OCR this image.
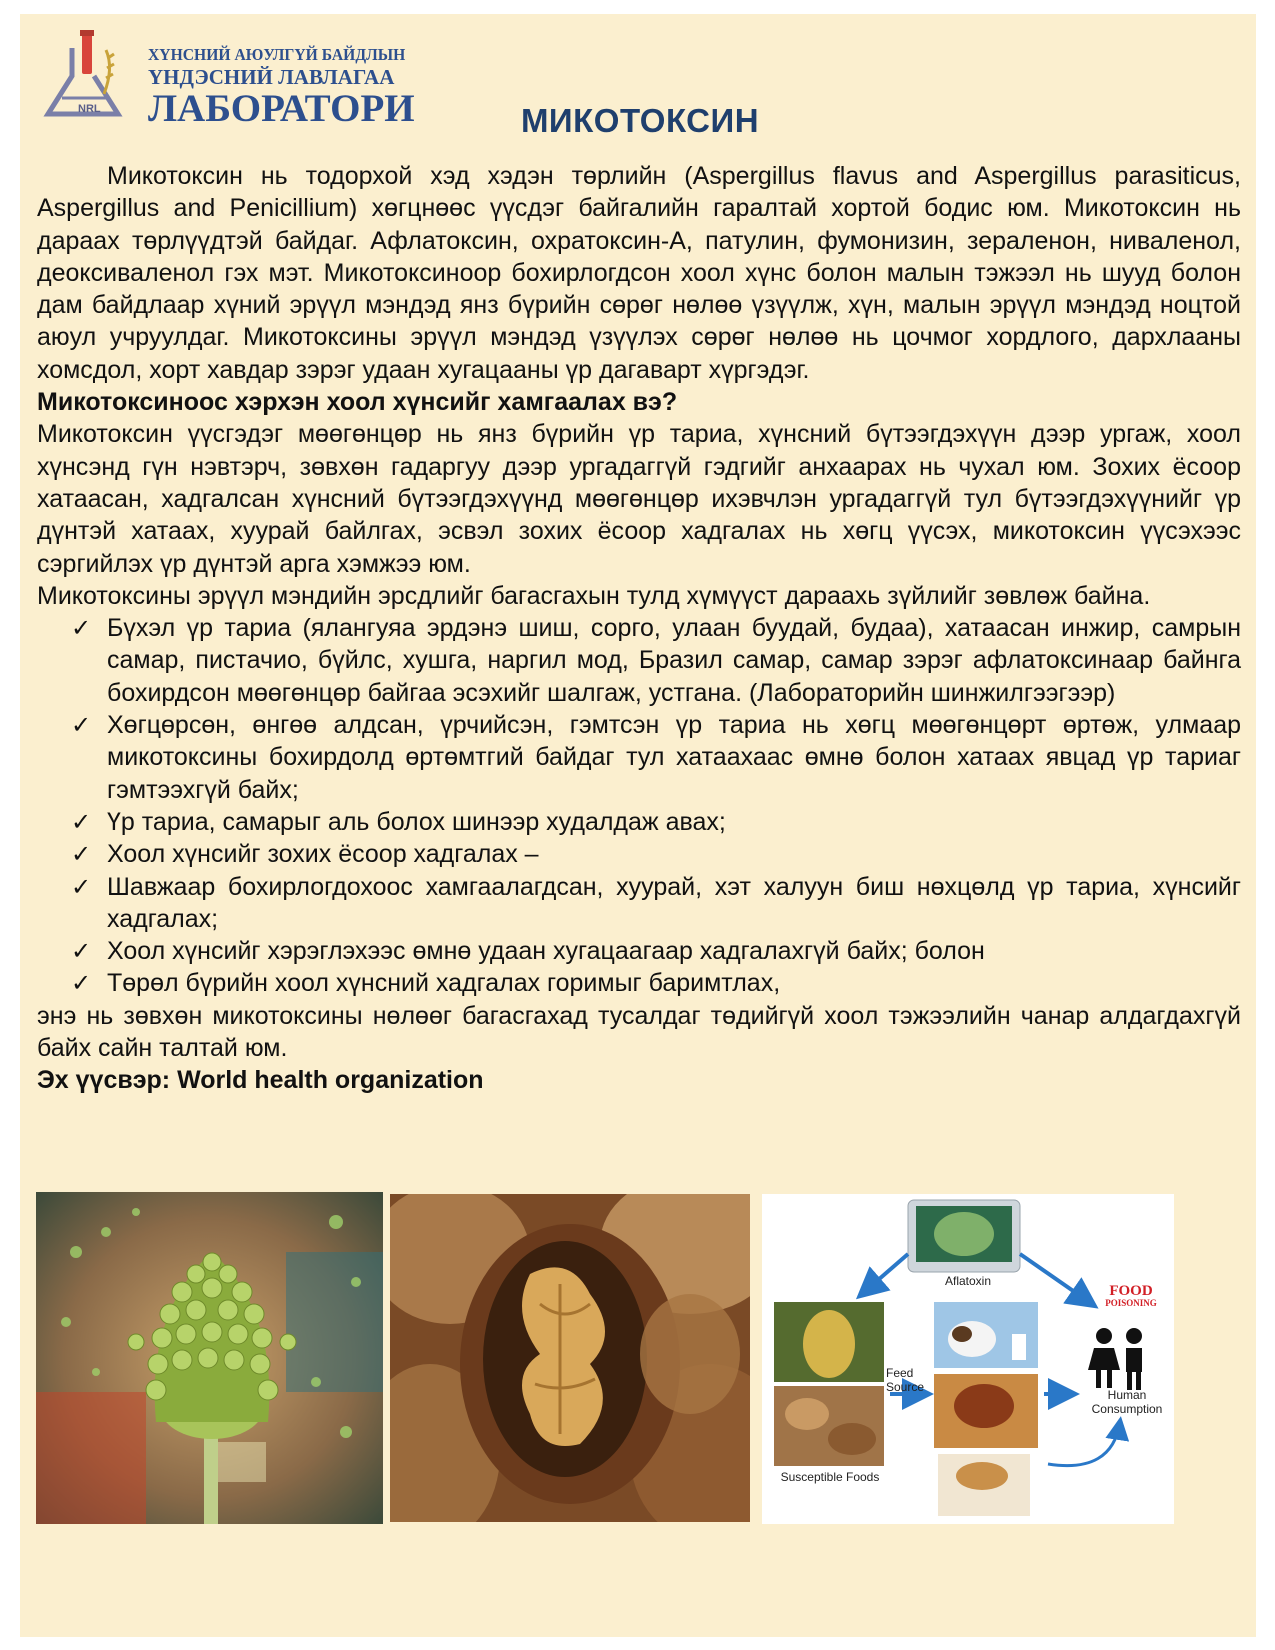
NRL
ХҮНСНИЙ АЮУЛГҮЙ БАЙДЛЫН
ҮНДЭСНИЙ ЛАВЛАГАА
ЛАБОРАТОРИ	МИКОТОКСИН

Микотоксин нь тодорхой хэд хэдэн төрлийн (Aspergillus flavus and Aspergillus parasiticus, Aspergillus and Penicillium) хөгцнөөс үүсдэг байгалийн гаралтай хортой бодис юм. Микотоксин нь дараах төрлүүдтэй байдаг. Афлатоксин, охратоксин-А, патулин, фумонизин, зераленон, ниваленол, деоксиваленол гэх мэт. Микотоксиноор бохирлогдсон хоол хүнс болон малын тэжээл нь шууд болон дам байдлаар хүний эрүүл мэндэд янз бүрийн сөрөг нөлөө үзүүлж, хүн, малын эрүүл мэндэд ноцтой аюул учруулдаг. Микотоксины эрүүл мэндэд үзүүлэх сөрөг нөлөө нь цочмог хордлого, дархлааны хомсдол, хорт хавдар зэрэг удаан хугацааны үр дагаварт хүргэдэг.

Микотоксиноос хэрхэн хоол хүнсийг хамгаалах вэ?

Микотоксин үүсгэдэг мөөгөнцөр нь янз бүрийн үр тариа, хүнсний бүтээгдэхүүн дээр ургаж, хоол хүнсэнд гүн нэвтэрч, зөвхөн гадаргуу дээр ургадаггүй гэдгийг анхаарах нь чухал юм. Зохих ёсоор хатаасан, хадгалсан хүнсний бүтээгдэхүүнд мөөгөнцөр ихэвчлэн ургадаггүй тул бүтээгдэхүүнийг үр дүнтэй хатаах, хуурай байлгах, эсвэл зохих ёсоор хадгалах нь хөгц үүсэх, микотоксин үүсэхээс сэргийлэх үр дүнтэй арга хэмжээ юм.

Микотоксины эрүүл мэндийн эрсдлийг багасгахын тулд хүмүүст дараахь зүйлийг зөвлөж байна.

✓ Бүхэл үр тариа (ялангуяа эрдэнэ шиш, сорго, улаан буудай, будаа), хатаасан инжир, самрын самар, пистачио, бүйлс, хушга, наргил мод, Бразил самар, самар зэрэг афлатоксинаар байнга бохирдсон мөөгөнцөр байгаа эсэхийг шалгаж, устгана. (Лабораторийн шинжилгээгээр)
✓ Хөгцөрсөн, өнгөө алдсан, үрчийсэн, гэмтсэн үр тариа нь хөгц мөөгөнцөрт өртөж, улмаар микотоксины бохирдолд өртөмтгий байдаг тул хатаахаас өмнө болон хатаах явцад үр тариаг гэмтээхгүй байх;
✓ Үр тариа, самарыг аль болох шинээр худалдаж авах;
✓ Хоол хүнсийг зохих ёсоор хадгалах –
✓ Шавжаар бохирлогдохоос хамгаалагдсан, хуурай, хэт халуун биш нөхцөлд үр тариа, хүнсийг хадгалах;
✓ Хоол хүнсийг хэрэглэхээс өмнө удаан хугацаагаар хадгалахгүй байх; болон
✓ Төрөл бүрийн хоол хүнсний хадгалах горимыг баримтлах,

энэ нь зөвхөн микотоксины нөлөөг багасгахад тусалдаг төдийгүй хоол тэжээлийн чанар алдагдахгүй байх сайн талтай юм.

Эх үүсвэр: World health organization

Aflatoxin
FOOD
POISONING
Feed
Source
Human
Consumption
Susceptible Foods
